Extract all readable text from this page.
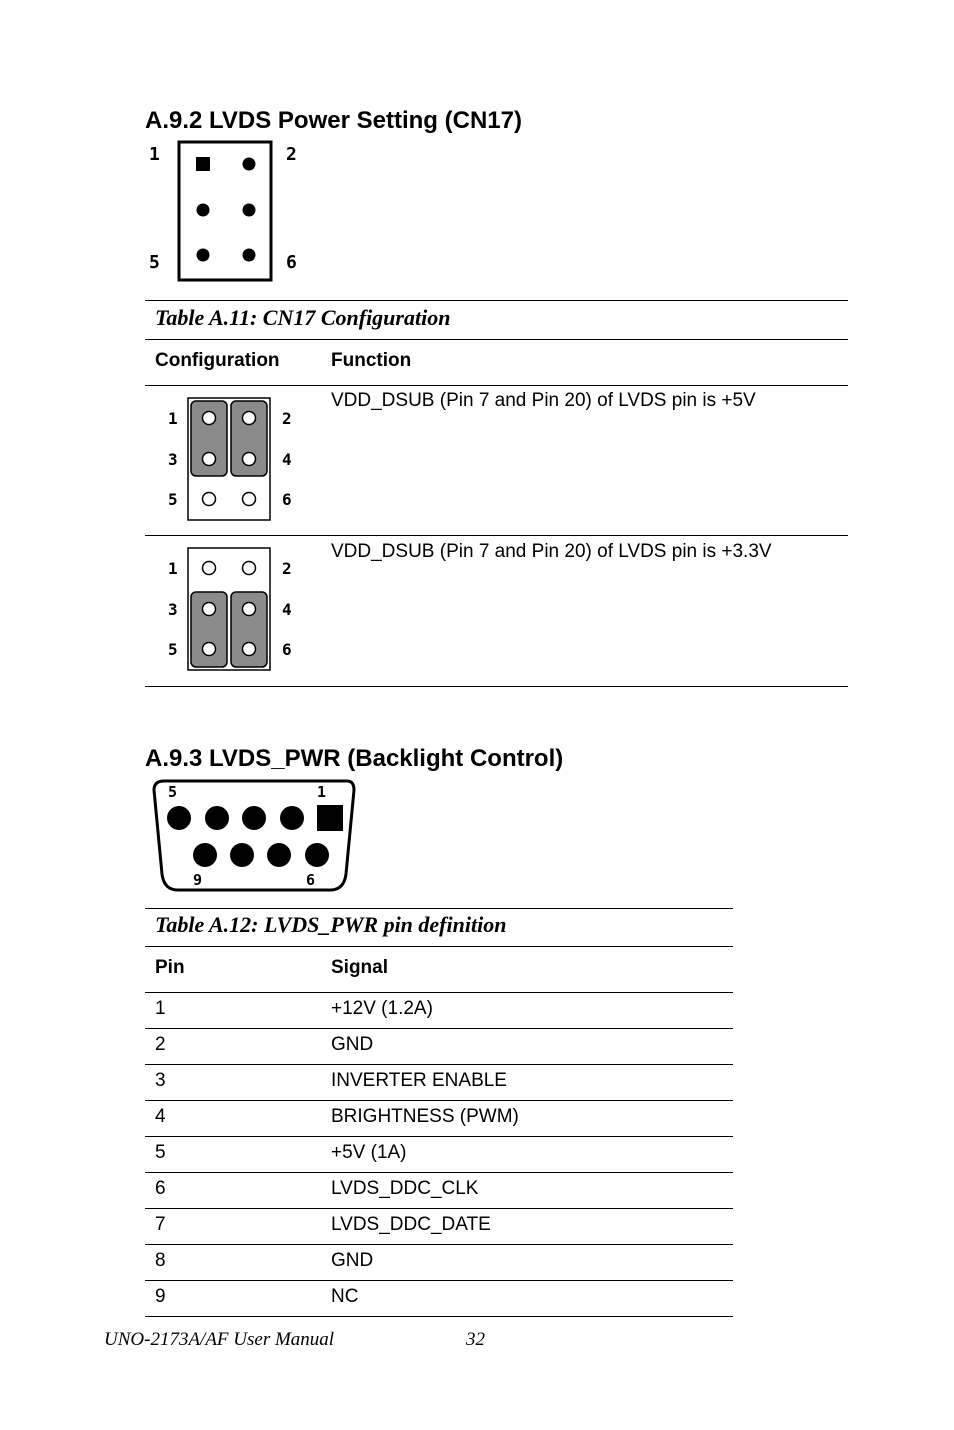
A.9.2 LVDS Power Setting (CN17)
1	2
5	6
Table A.11: CN17 Configuration
Configuration	Function
1
3
5
2
4
6
VDD_DSUB (Pin 7 and Pin 20) of LVDS pin is +5V
1
3
5
2
4
6
VDD_DSUB (Pin 7 and Pin 20) of LVDS pin is +3.3V
A.9.3 LVDS_PWR (Backlight Control)
5	1
9	6
Table A.12: LVDS_PWR pin definition
Pin	Signal
1	+12V (1.2A)
2	GND
3	INVERTER ENABLE
4	BRIGHTNESS (PWM)
5	+5V (1A)
6	LVDS_DDC_CLK
7	LVDS_DDC_DATE
8	GND
9	NC
UNO-2173A/AF User Manual	32
